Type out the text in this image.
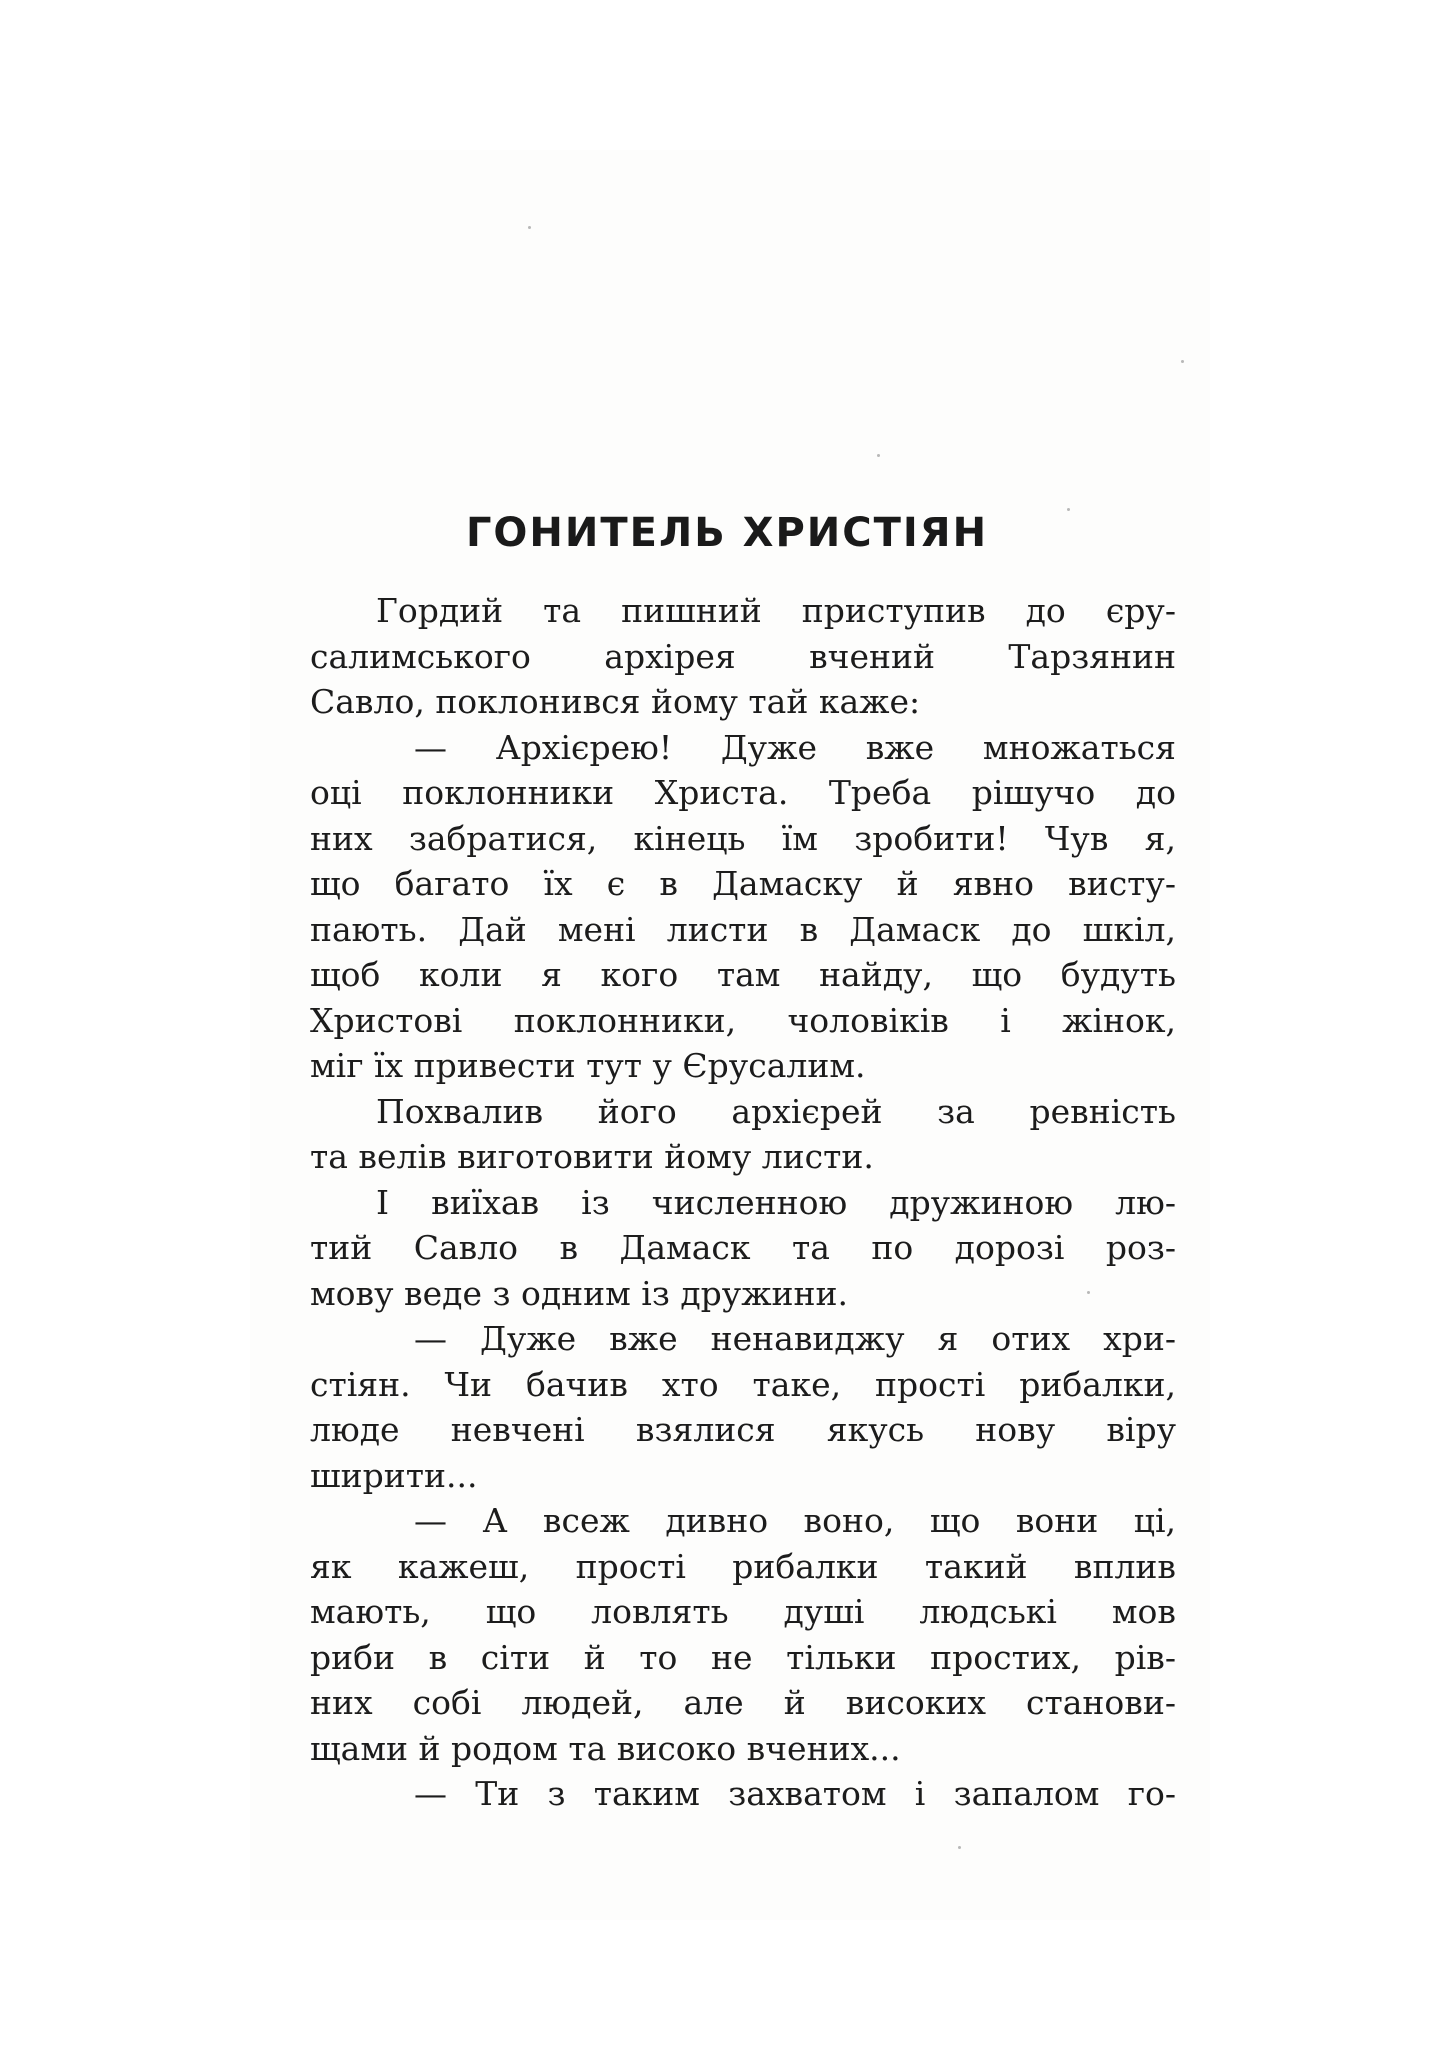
ГОНИТЕЛЬ ХРИСТІЯН

Гордий та пишний приступив до єру-

салимського архірея вчений Тарзянин

Савло, поклонився йому тай каже:

— Архієрею! Дуже вже множаться

оці поклонники Христа. Треба рішучо до

них забратися, кінець їм зробити! Чув я,

що багато їх є в Дамаску й явно висту-

пають. Дай мені листи в Дамаск до шкіл,

щоб коли я кого там найду, що будуть

Христові поклонники, чоловіків і жінок,

міг їх привести тут у Єрусалим.

Похвалив його архієрей за ревність

та велів виготовити йому листи.

І виїхав із численною дружиною лю-

тий Савло в Дамаск та по дорозі роз-

мову веде з одним із дружини.

— Дуже вже ненавиджу я отих хри-

стіян. Чи бачив хто таке, прості рибалки,

люде невчені взялися якусь нову віру

ширити...

— А всеж дивно воно, що вони ці,

як кажеш, прості рибалки такий вплив

мають, що ловлять душі людські мов

риби в сіти й то не тільки простих, рів-

них собі людей, але й високих станови-

щами й родом та високо вчених...

— Ти з таким захватом і запалом го-
